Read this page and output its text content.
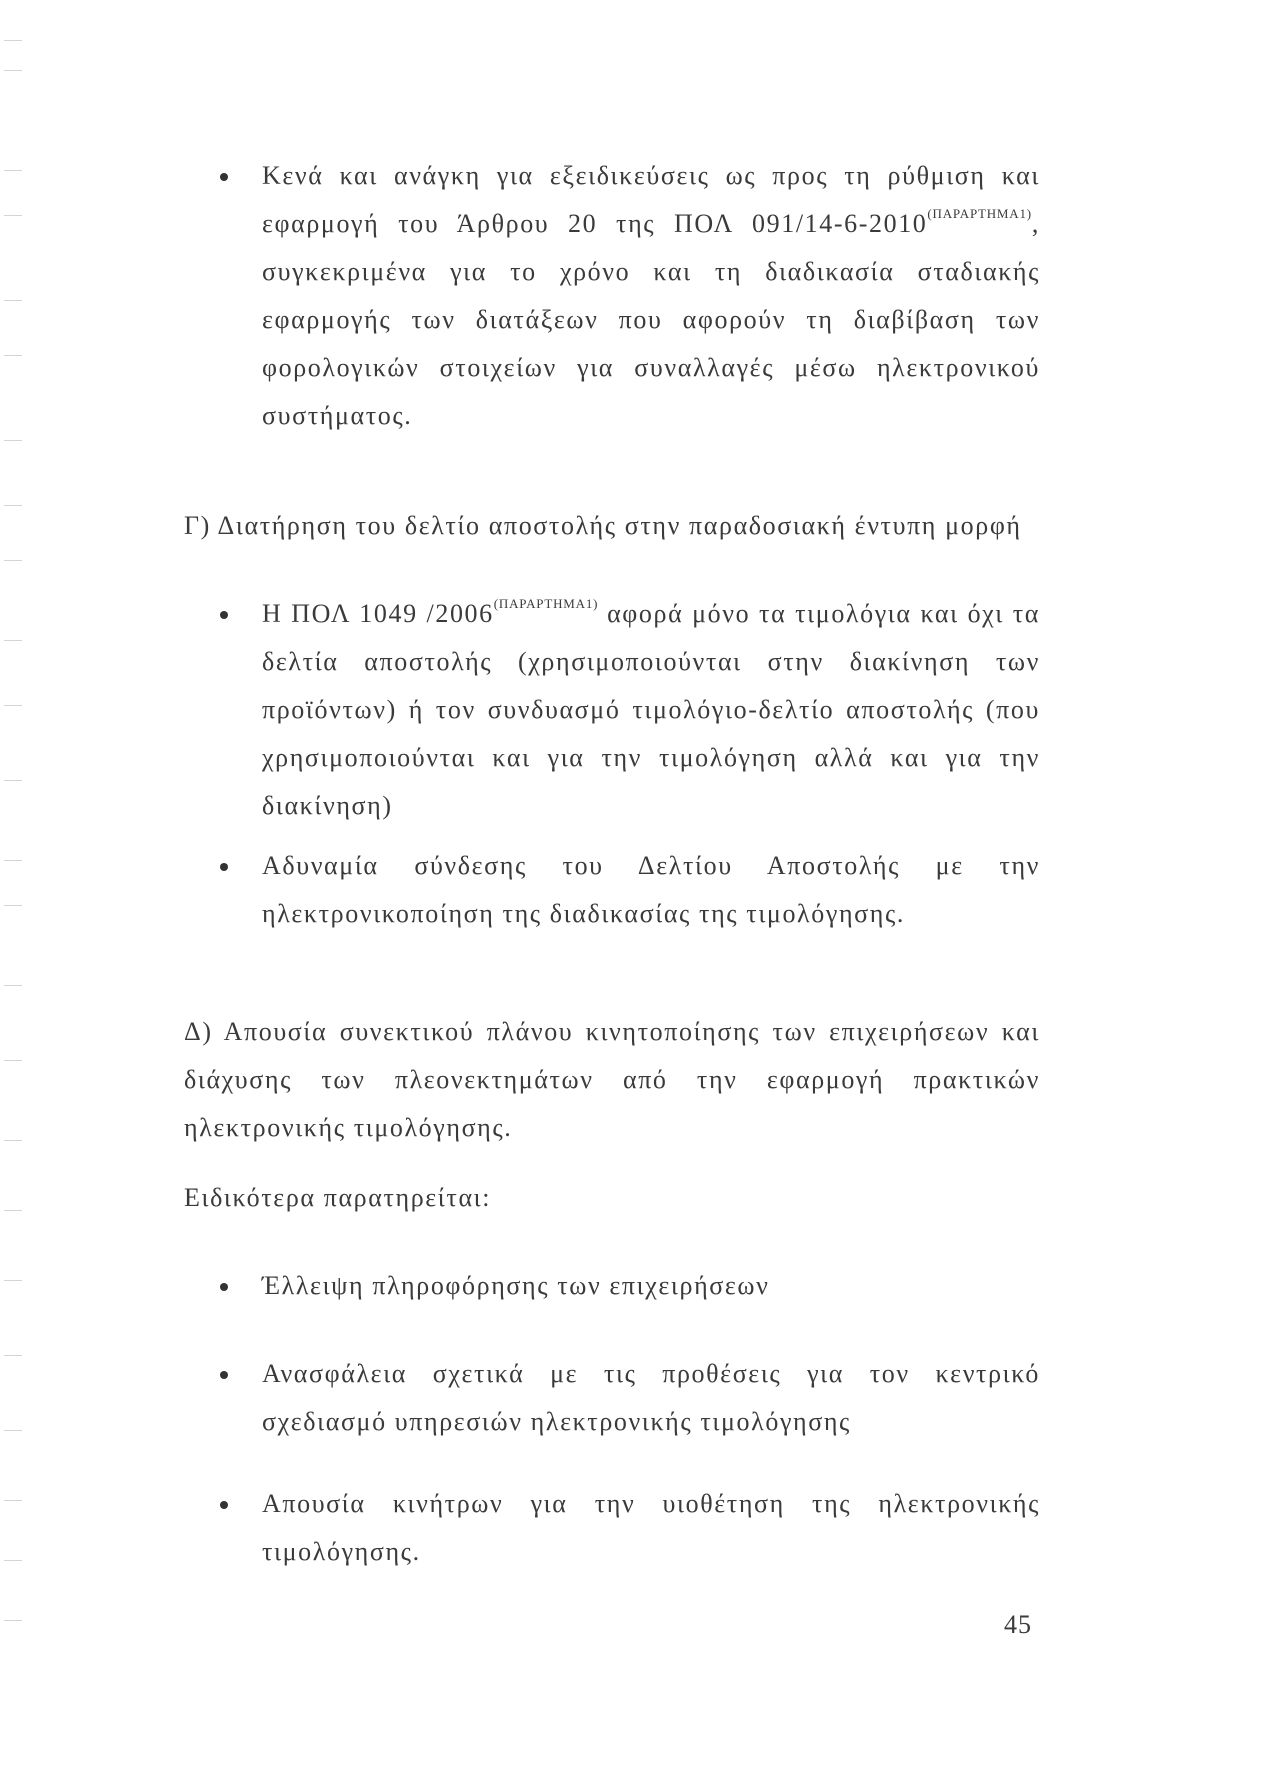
Κενά και ανάγκη για εξειδικεύσεις ως προς τη ρύθμιση και εφαρμογή του Άρθρου 20 της ΠΟΛ $091/14-6-2010^{(\Pi APAPTHMA1)}$, συγκεκριμένα για το χρόνο και τη διαδικασία σταδιακής εφαρμογής των διατάξεων που αφορούν τη διαβίβαση των φορολογικών στοιχείων για συναλλαγές μέσω ηλεκτρονικού συστήματος.
Γ) Διατήρηση του δελτίο αποστολής στην παραδοσιακή έντυπη μορφή
Η ΠΟΛ 1049 $/2006^{(\Pi APAPTHMA1)}$ αφορά μόνο τα τιμολόγια και όχι τα δελτία αποστολής (χρησιμοποιούνται στην διακίνηση των προϊόντων) ή τον συνδυασμό τιμολόγιο-δελτίο αποστολής (που χρησιμοποιούνται και για την τιμολόγηση αλλά και για την διακίνηση)
Αδυναμία σύνδεσης του Δελτίου Αποστολής με την ηλεκτρονικοποίηση της διαδικασίας της τιμολόγησης.
Δ) Απουσία συνεκτικού πλάνου κινητοποίησης των επιχειρήσεων και διάχυσης των πλεονεκτημάτων από την εφαρμογή πρακτικών ηλεκτρονικής τιμολόγησης.
Ειδικότερα παρατηρείται:
Έλλειψη πληροφόρησης των επιχειρήσεων
Ανασφάλεια σχετικά με τις προθέσεις για τον κεντρικό σχεδιασμό υπηρεσιών ηλεκτρονικής τιμολόγησης
Απουσία κινήτρων για την υιοθέτηση της ηλεκτρονικής τιμολόγησης.
45
